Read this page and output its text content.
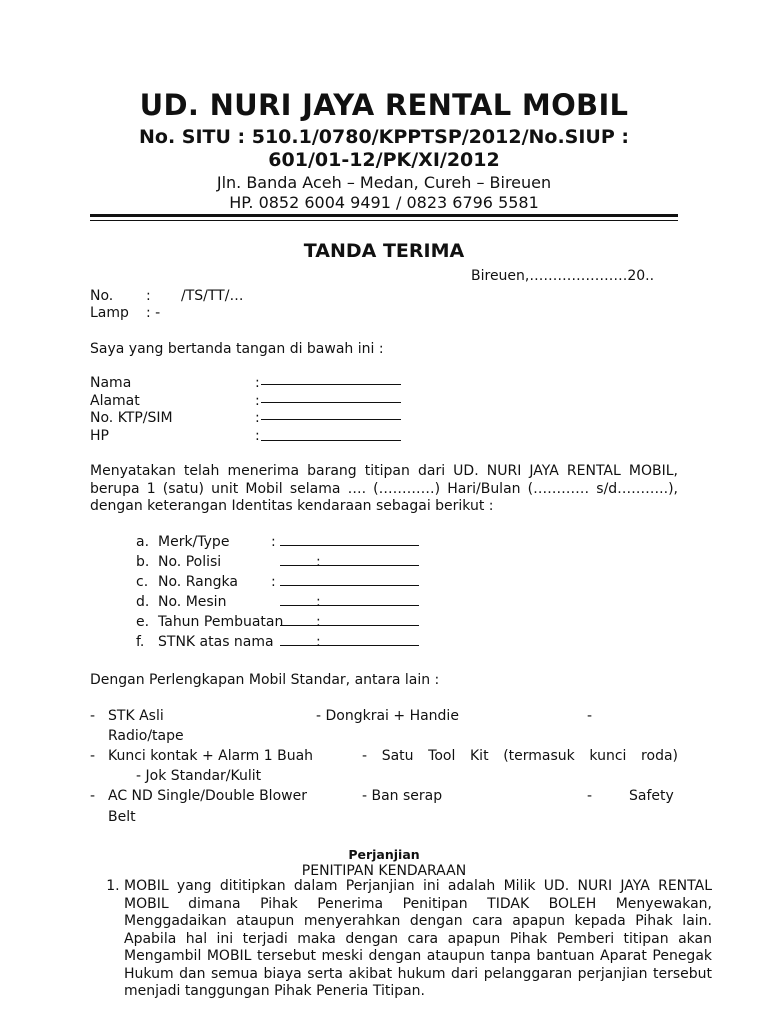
UD. NURI JAYA RENTAL MOBIL
No. SITU : 510.1/0780/KPPTSP/2012/No.SIUP :
601/01-12/PK/XI/2012
Jln. Banda Aceh – Medan, Cureh – Bireuen
HP. 0852 6004 9491 / 0823 6796 5581
TANDA TERIMA
Bireuen,…………………20..
No. : /TS/TT/…
Lamp : -
Saya yang bertanda tangan di bawah ini :
Nama	:
Alamat	:
No. KTP/SIM	:
HP	:
Menyatakan telah menerima barang titipan dari UD. NURI JAYA RENTAL MOBIL, berupa 1 (satu) unit Mobil selama …. (…………) Hari/Bulan (………… s/d………..), dengan keterangan Identitas kendaraan sebagai berikut :
a. Merk/Type	:
b. No. Polisi	:
c. No. Rangka :
d. No. Mesin	:
e. Tahun Pembuatan :
f. STNK atas nama	:
Dengan Perlengkapan Mobil Standar, antara lain :
- STK Asli	- Dongkrai + Handie	-
Radio/tape
- Kunci kontak + Alarm 1 Buah	- Satu Tool Kit (termasuk kunci roda)
- Jok Standar/Kulit
- AC ND Single/Double Blower	- Ban serap	-	Safety
Belt
Perjanjian
PENITIPAN KENDARAAN
1. MOBIL yang dititipkan dalam Perjanjian ini adalah Milik UD. NURI JAYA RENTAL MOBIL dimana Pihak Penerima Penitipan TIDAK BOLEH Menyewakan, Menggadaikan ataupun menyerahkan dengan cara apapun kepada Pihak lain. Apabila hal ini terjadi maka dengan cara apapun Pihak Pemberi titipan akan Mengambil MOBIL tersebut meski dengan ataupun tanpa bantuan Aparat Penegak Hukum dan semua biaya serta akibat hukum dari pelanggaran perjanjian tersebut menjadi tanggungan Pihak Peneria Titipan.
